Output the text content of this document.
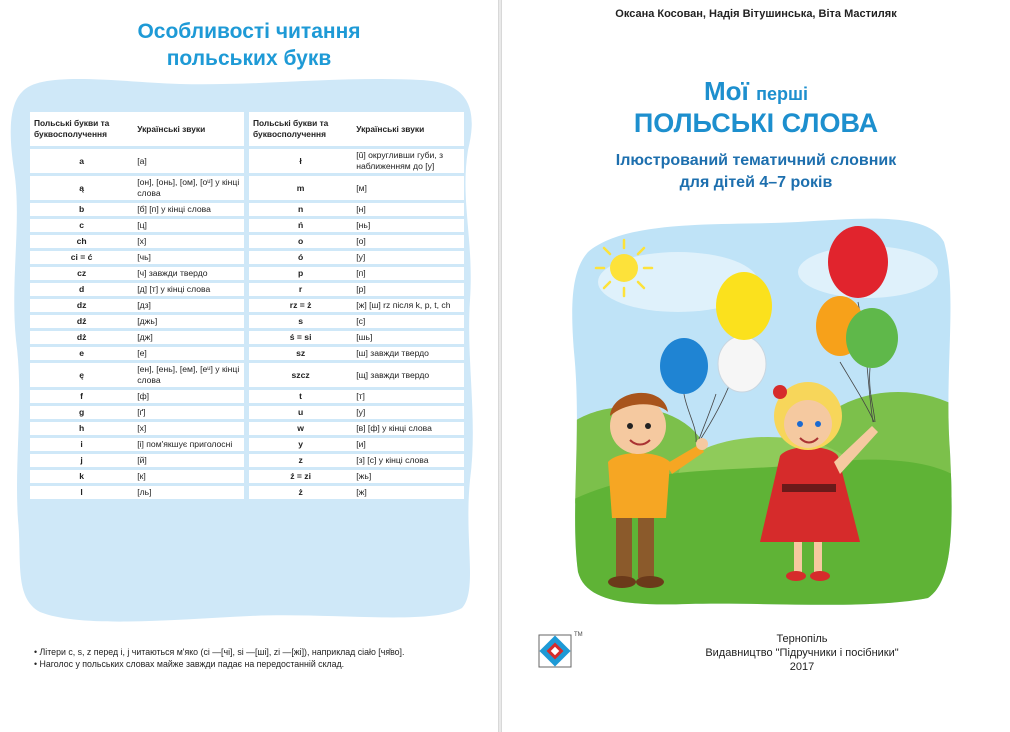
Особливості читання
польських букв
Польські букви та буквосполучення	Українські звуки		Польські букви та буквосполучення	Українські звуки
a	[а]		ł	[ŭ] округливши губи, з наближенням до [у]
ą	[он], [онь], [ом], [оᵘ] у кінці слова		m	[м]
b	[б] [п] у кінці слова		n	[н]
c	[ц]		ń	[нь]
ch	[х]		o	[о]
ci = ć	[чь]		ó	[у]
cz	[ч] завжди твердо		p	[п]
d	[д] [т] у кінці слова		r	[р]
dz	[дз]		rz = ż	[ж] [ш] rz після k, p, t, ch
dź	[джь]		s	[с]
dż	[дж]		ś = si	[шь]
e	[е]		sz	[ш] завжди твердо
ę	[ен], [ень], [ем], [еᵘ] у кінці слова		szcz	[щ] завжди твердо
f	[ф]		t	[т]
g	[ґ]		u	[у]
h	[х]		w	[в] [ф] у кінці слова
i	[і] пом'якшує приголосні		y	[и]
j	[й]		z	[з] [с] у кінці слова
k	[к]		ź = zi	[жь]
l	[ль]		ż	[ж]
• Літери c, s, z перед i, j читаються м'яко (ci —[чі], si —[ші], zi —[жі]), наприклад ciało [чя̆во].
• Наголос у польських словах майже завжди падає на передостанній склад.
Оксана Косован, Надія Вітушинська, Віта Мастиляк
Мої перші
ПОЛЬСЬКІ СЛОВА
Ілюстрований тематичний словник
для дітей 4–7 років
TM	Тернопіль
Видавництво "Підручники і посібники"
2017
